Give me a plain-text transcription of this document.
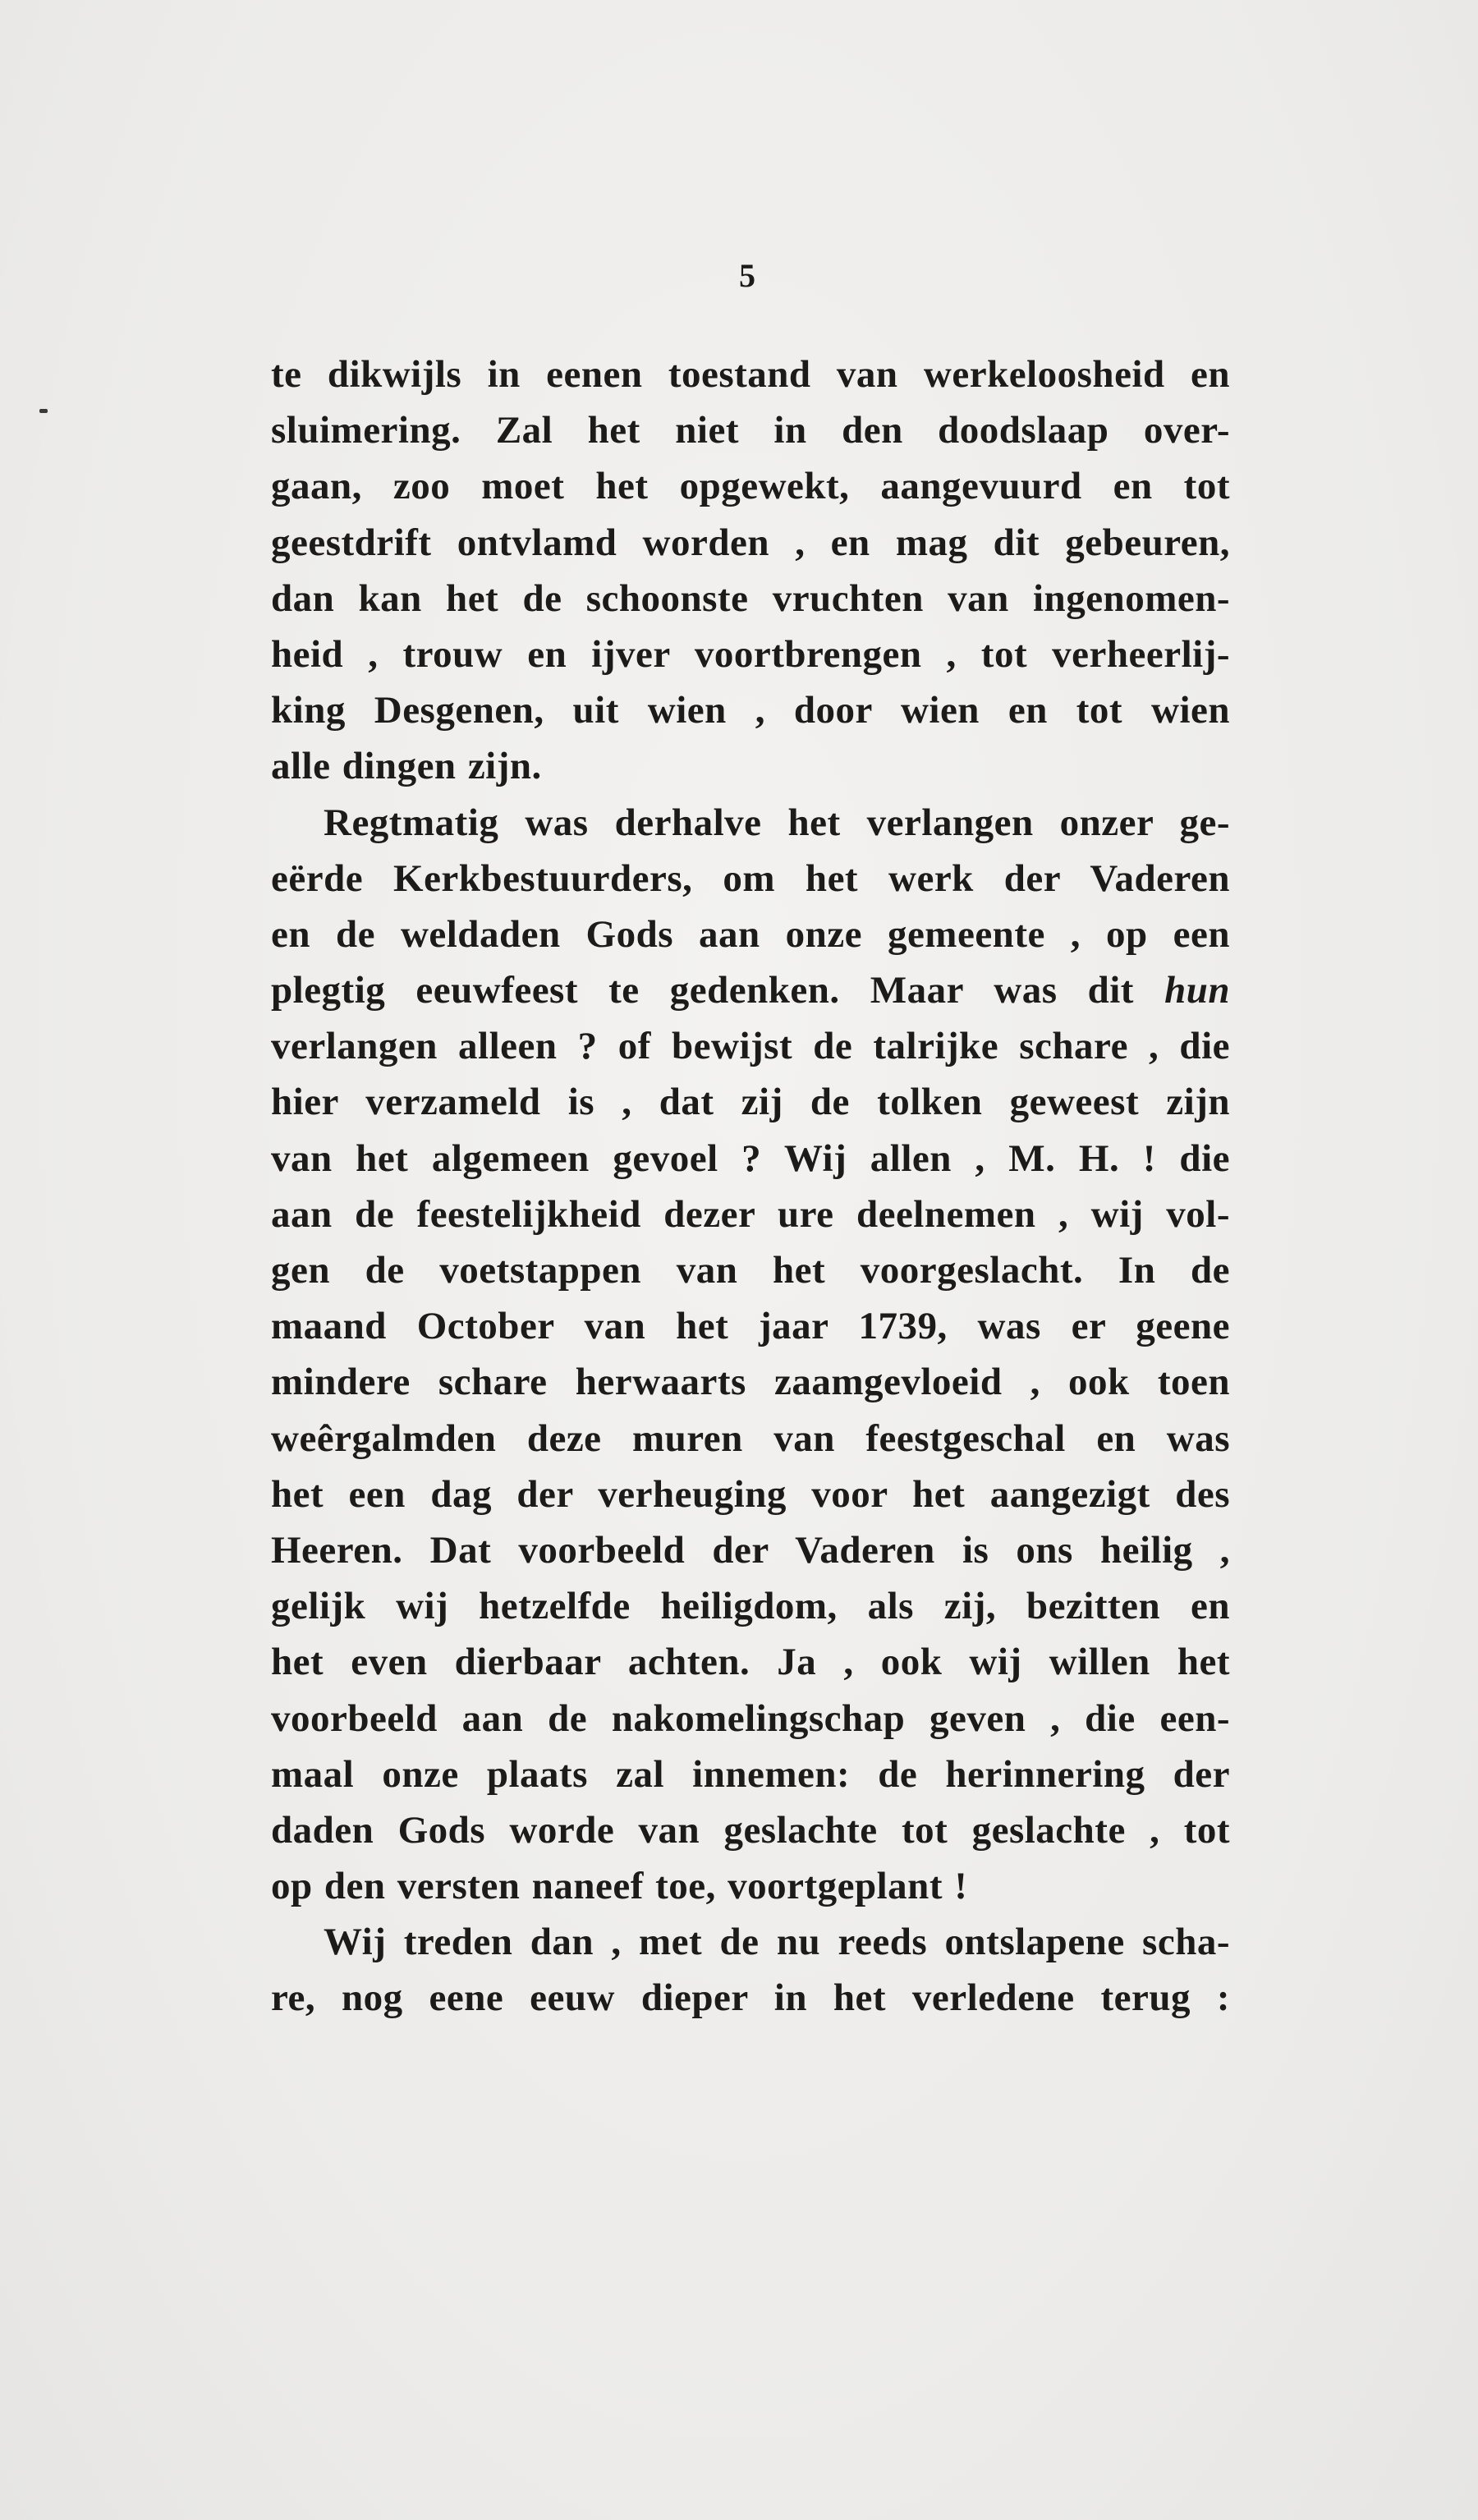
5
te dikwijls in eenen toestand van werkeloosheid en
sluimering. Zal het niet in den doodslaap over-
gaan, zoo moet het opgewekt, aangevuurd en tot
geestdrift ontvlamd worden , en mag dit gebeuren,
dan kan het de schoonste vruchten van ingenomen-
heid , trouw en ijver voortbrengen , tot verheerlij-
king Desgenen, uit wien , door wien en tot wien
alle dingen zijn.
Regtmatig was derhalve het verlangen onzer ge-
eërde Kerkbestuurders, om het werk der Vaderen
en de weldaden Gods aan onze gemeente , op een
plegtig eeuwfeest te gedenken. Maar was dit hun
verlangen alleen ? of bewijst de talrijke schare , die
hier verzameld is , dat zij de tolken geweest zijn
van het algemeen gevoel ? Wij allen , M. H. ! die
aan de feestelijkheid dezer ure deelnemen , wij vol-
gen de voetstappen van het voorgeslacht. In de
maand October van het jaar 1739, was er geene
mindere schare herwaarts zaamgevloeid , ook toen
weêrgalmden deze muren van feestgeschal en was
het een dag der verheuging voor het aangezigt des
Heeren. Dat voorbeeld der Vaderen is ons heilig ,
gelijk wij hetzelfde heiligdom, als zij, bezitten en
het even dierbaar achten. Ja , ook wij willen het
voorbeeld aan de nakomelingschap geven , die een-
maal onze plaats zal innemen: de herinnering der
daden Gods worde van geslachte tot geslachte , tot
op den versten naneef toe, voortgeplant !
Wij treden dan , met de nu reeds ontslapene scha-
re, nog eene eeuw dieper in het verledene terug :
